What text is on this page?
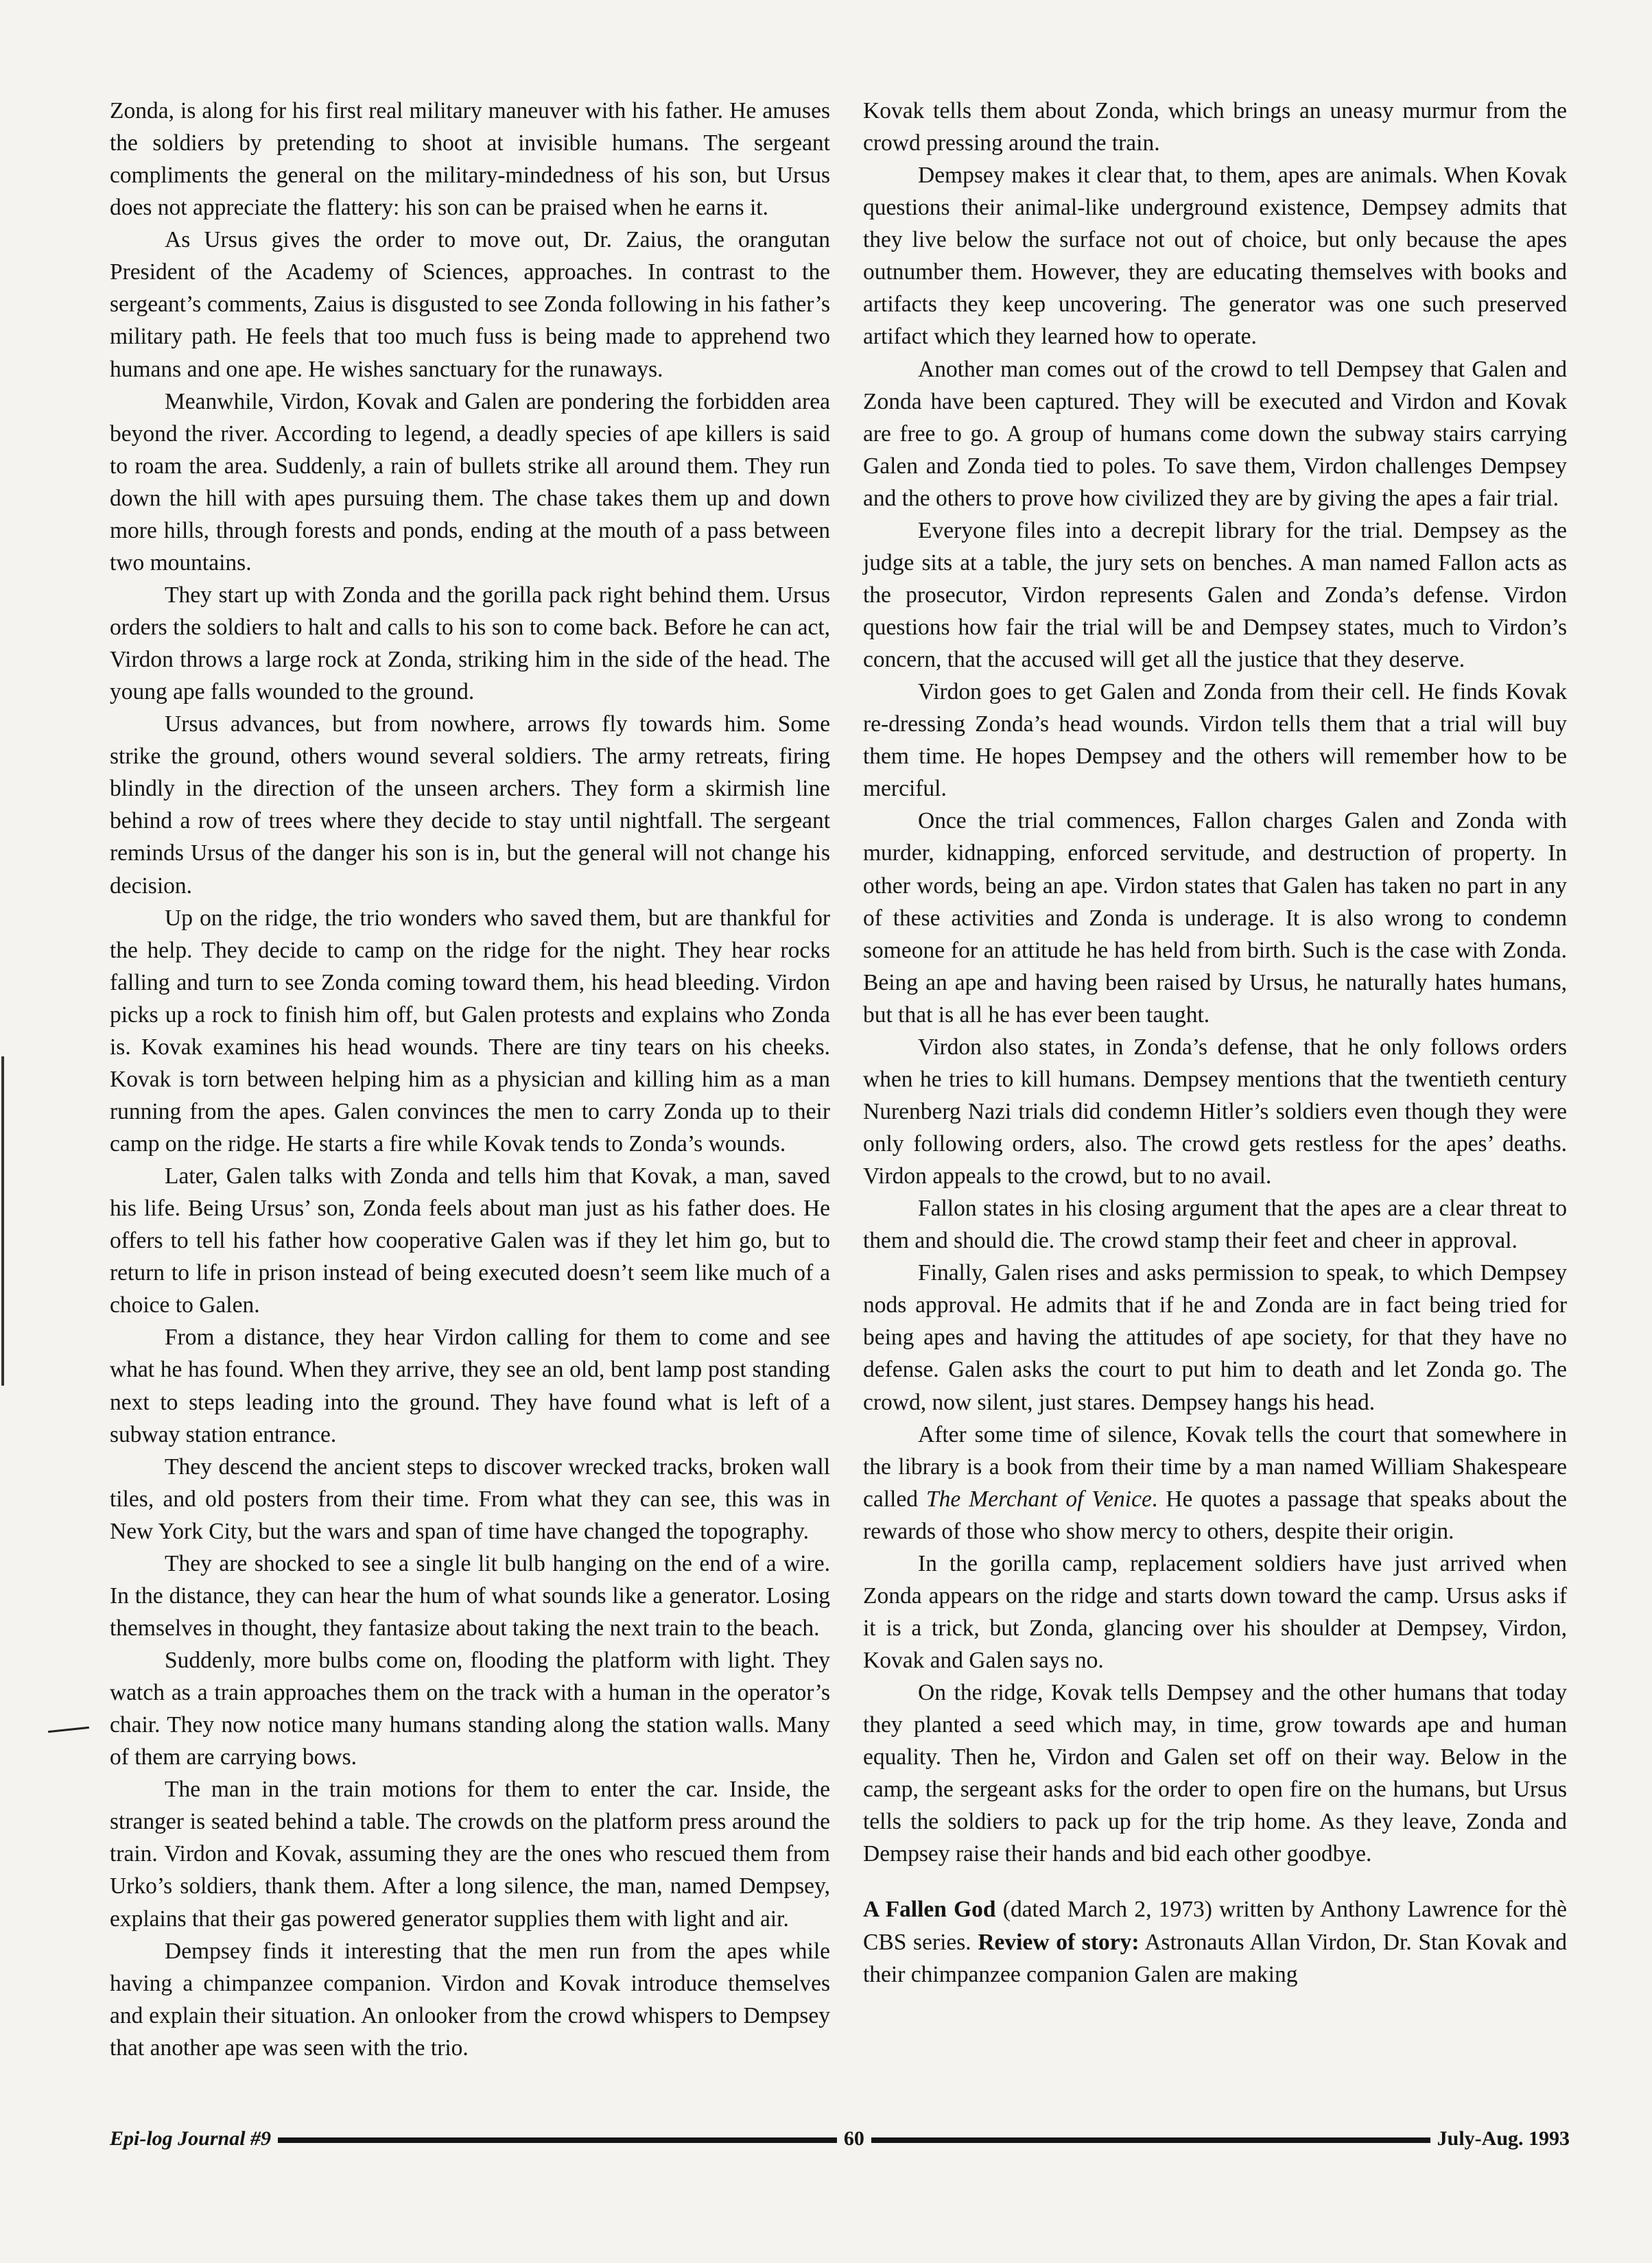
Zonda, is along for his first real military maneuver with his father. He amuses the soldiers by pretending to shoot at invisible humans. The sergeant compliments the general on the military-mindedness of his son, but Ursus does not appreciate the flattery: his son can be praised when he earns it.

As Ursus gives the order to move out, Dr. Zaius, the orangutan President of the Academy of Sciences, approaches. In contrast to the sergeant’s comments, Zaius is disgusted to see Zonda following in his father’s military path. He feels that too much fuss is being made to apprehend two humans and one ape. He wishes sanctuary for the runaways.

Meanwhile, Virdon, Kovak and Galen are pondering the forbidden area beyond the river. According to legend, a deadly species of ape killers is said to roam the area. Suddenly, a rain of bullets strike all around them. They run down the hill with apes pursuing them. The chase takes them up and down more hills, through forests and ponds, ending at the mouth of a pass between two mountains.

They start up with Zonda and the gorilla pack right behind them. Ursus orders the soldiers to halt and calls to his son to come back. Before he can act, Virdon throws a large rock at Zonda, striking him in the side of the head. The young ape falls wounded to the ground.

Ursus advances, but from nowhere, arrows fly towards him. Some strike the ground, others wound several soldiers. The army retreats, firing blindly in the direction of the unseen archers. They form a skirmish line behind a row of trees where they decide to stay until nightfall. The sergeant reminds Ursus of the danger his son is in, but the general will not change his decision.

Up on the ridge, the trio wonders who saved them, but are thankful for the help. They decide to camp on the ridge for the night. They hear rocks falling and turn to see Zonda coming toward them, his head bleeding. Virdon picks up a rock to finish him off, but Galen protests and explains who Zonda is. Kovak examines his head wounds. There are tiny tears on his cheeks. Kovak is torn between helping him as a physician and killing him as a man running from the apes. Galen convinces the men to carry Zonda up to their camp on the ridge. He starts a fire while Kovak tends to Zonda’s wounds.

Later, Galen talks with Zonda and tells him that Kovak, a man, saved his life. Being Ursus’ son, Zonda feels about man just as his father does. He offers to tell his father how cooperative Galen was if they let him go, but to return to life in prison instead of being executed doesn’t seem like much of a choice to Galen.

From a distance, they hear Virdon calling for them to come and see what he has found. When they arrive, they see an old, bent lamp post standing next to steps leading into the ground. They have found what is left of a subway station entrance.

They descend the ancient steps to discover wrecked tracks, broken wall tiles, and old posters from their time. From what they can see, this was in New York City, but the wars and span of time have changed the topography.

They are shocked to see a single lit bulb hanging on the end of a wire. In the distance, they can hear the hum of what sounds like a generator. Losing themselves in thought, they fantasize about taking the next train to the beach.

Suddenly, more bulbs come on, flooding the platform with light. They watch as a train approaches them on the track with a human in the operator’s chair. They now notice many humans standing along the station walls. Many of them are carrying bows.

The man in the train motions for them to enter the car. Inside, the stranger is seated behind a table. The crowds on the platform press around the train. Virdon and Kovak, assuming they are the ones who rescued them from Urko’s soldiers, thank them. After a long silence, the man, named Dempsey, explains that their gas powered generator supplies them with light and air.

Dempsey finds it interesting that the men run from the apes while having a chimpanzee companion. Virdon and Kovak introduce themselves and explain their situation. An onlooker from the crowd whispers to Dempsey that another ape was seen with the trio.

Kovak tells them about Zonda, which brings an uneasy murmur from the crowd pressing around the train.

Dempsey makes it clear that, to them, apes are animals. When Kovak questions their animal-like underground existence, Dempsey admits that they live below the surface not out of choice, but only because the apes outnumber them. However, they are educating themselves with books and artifacts they keep uncovering. The generator was one such preserved artifact which they learned how to operate.

Another man comes out of the crowd to tell Dempsey that Galen and Zonda have been captured. They will be executed and Virdon and Kovak are free to go. A group of humans come down the subway stairs carrying Galen and Zonda tied to poles. To save them, Virdon challenges Dempsey and the others to prove how civilized they are by giving the apes a fair trial.

Everyone files into a decrepit library for the trial. Dempsey as the judge sits at a table, the jury sets on benches. A man named Fallon acts as the prosecutor, Virdon represents Galen and Zonda’s defense. Virdon questions how fair the trial will be and Dempsey states, much to Virdon’s concern, that the accused will get all the justice that they deserve.

Virdon goes to get Galen and Zonda from their cell. He finds Kovak re-dressing Zonda’s head wounds. Virdon tells them that a trial will buy them time. He hopes Dempsey and the others will remember how to be merciful.

Once the trial commences, Fallon charges Galen and Zonda with murder, kidnapping, enforced servitude, and destruction of property. In other words, being an ape. Virdon states that Galen has taken no part in any of these activities and Zonda is underage. It is also wrong to condemn someone for an attitude he has held from birth. Such is the case with Zonda. Being an ape and having been raised by Ursus, he naturally hates humans, but that is all he has ever been taught.

Virdon also states, in Zonda’s defense, that he only follows orders when he tries to kill humans. Dempsey mentions that the twentieth century Nurenberg Nazi trials did condemn Hitler’s soldiers even though they were only following orders, also. The crowd gets restless for the apes’ deaths. Virdon appeals to the crowd, but to no avail.

Fallon states in his closing argument that the apes are a clear threat to them and should die. The crowd stamp their feet and cheer in approval.

Finally, Galen rises and asks permission to speak, to which Dempsey nods approval. He admits that if he and Zonda are in fact being tried for being apes and having the attitudes of ape society, for that they have no defense. Galen asks the court to put him to death and let Zonda go. The crowd, now silent, just stares. Dempsey hangs his head.

After some time of silence, Kovak tells the court that somewhere in the library is a book from their time by a man named William Shakespeare called The Merchant of Venice. He quotes a passage that speaks about the rewards of those who show mercy to others, despite their origin.

In the gorilla camp, replacement soldiers have just arrived when Zonda appears on the ridge and starts down toward the camp. Ursus asks if it is a trick, but Zonda, glancing over his shoulder at Dempsey, Virdon, Kovak and Galen says no.

On the ridge, Kovak tells Dempsey and the other humans that today they planted a seed which may, in time, grow towards ape and human equality. Then he, Virdon and Galen set off on their way. Below in the camp, the sergeant asks for the order to open fire on the humans, but Ursus tells the soldiers to pack up for the trip home. As they leave, Zonda and Dempsey raise their hands and bid each other goodbye.

A Fallen God (dated March 2, 1973) written by Anthony Lawrence for thè CBS series. Review of story: Astronauts Allan Virdon, Dr. Stan Kovak and their chimpanzee companion Galen are making

Epi-log Journal #9	60	July-Aug. 1993
